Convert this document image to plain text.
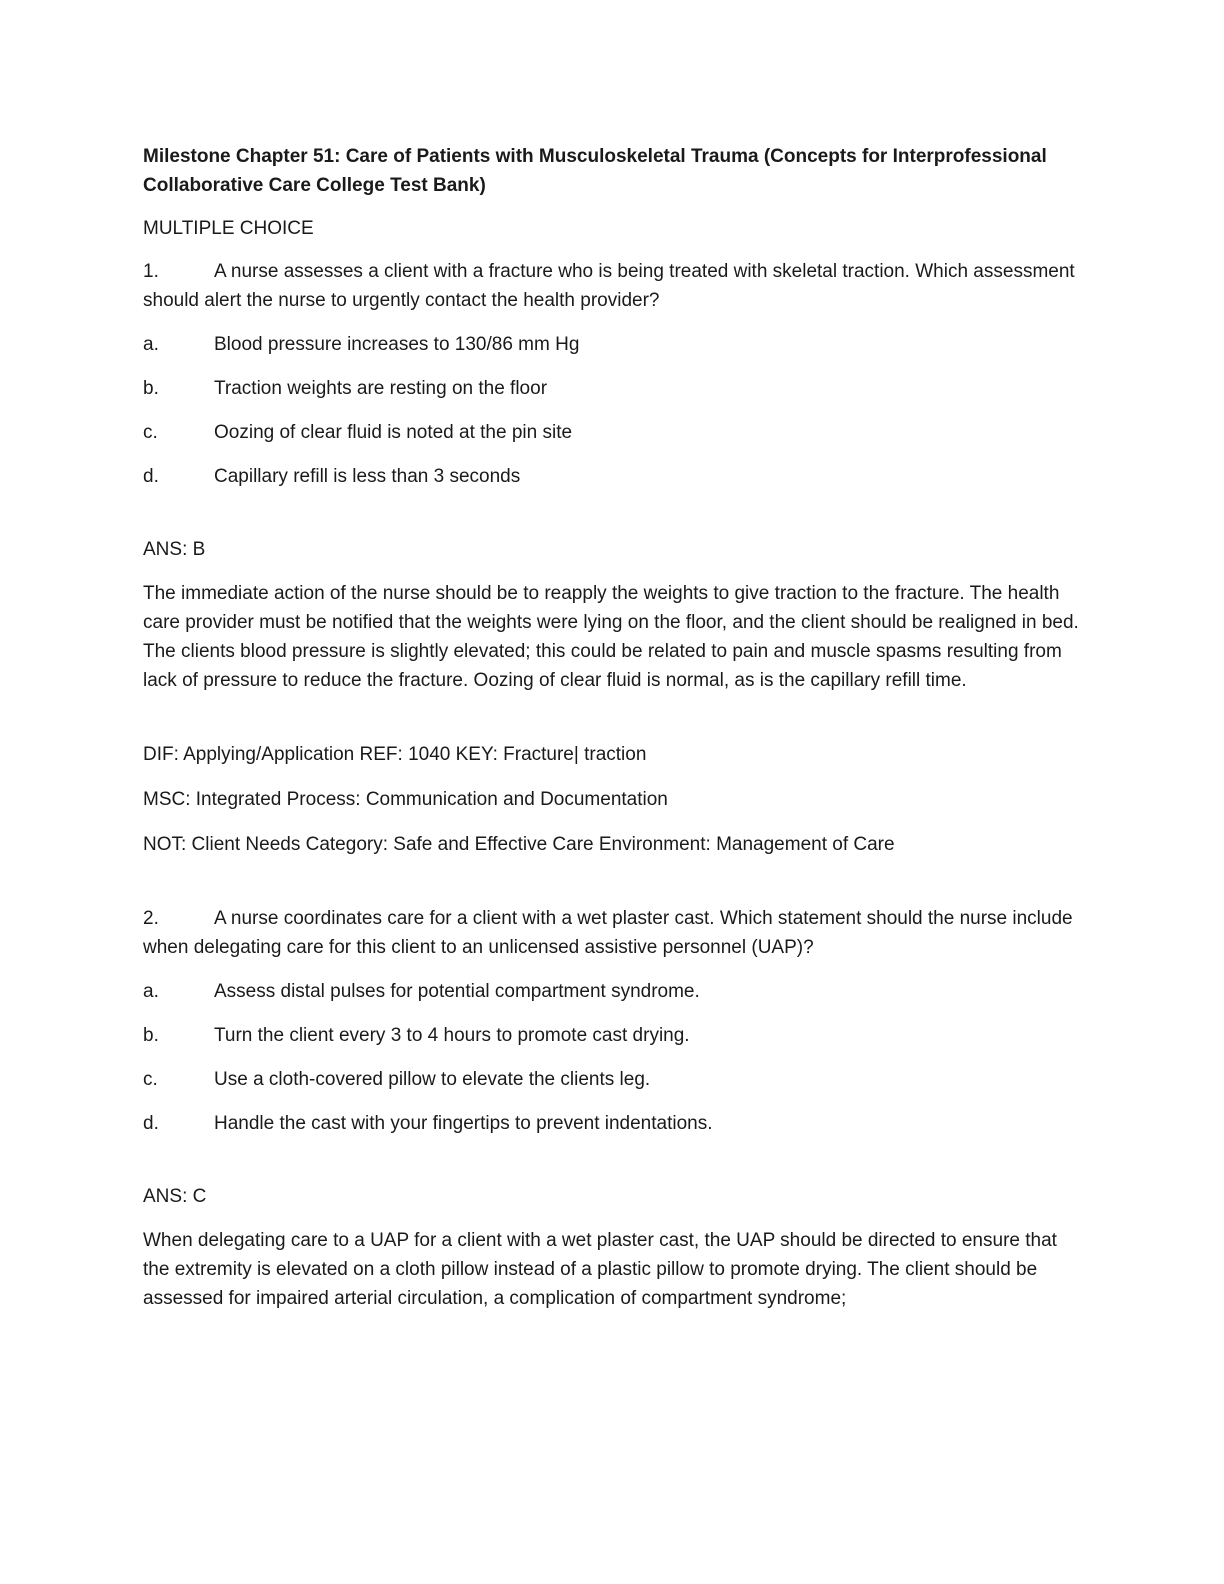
Milestone Chapter 51: Care of Patients with Musculoskeletal Trauma (Concepts for Interprofessional Collaborative Care College Test Bank)

MULTIPLE CHOICE

1.	A nurse assesses a client with a fracture who is being treated with skeletal traction. Which assessment should alert the nurse to urgently contact the health provider?

a.	Blood pressure increases to 130/86 mm Hg
b.	Traction weights are resting on the floor
c.	Oozing of clear fluid is noted at the pin site
d.	Capillary refill is less than 3 seconds

ANS: B

The immediate action of the nurse should be to reapply the weights to give traction to the fracture. The health care provider must be notified that the weights were lying on the floor, and the client should be realigned in bed. The clients blood pressure is slightly elevated; this could be related to pain and muscle spasms resulting from lack of pressure to reduce the fracture. Oozing of clear fluid is normal, as is the capillary refill time.

DIF: Applying/Application REF: 1040 KEY: Fracture| traction

MSC: Integrated Process: Communication and Documentation

NOT: Client Needs Category: Safe and Effective Care Environment: Management of Care

2.	A nurse coordinates care for a client with a wet plaster cast. Which statement should the nurse include when delegating care for this client to an unlicensed assistive personnel (UAP)?

a.	Assess distal pulses for potential compartment syndrome.
b.	Turn the client every 3 to 4 hours to promote cast drying.
c.	Use a cloth-covered pillow to elevate the clients leg.
d.	Handle the cast with your fingertips to prevent indentations.

ANS: C

When delegating care to a UAP for a client with a wet plaster cast, the UAP should be directed to ensure that the extremity is elevated on a cloth pillow instead of a plastic pillow to promote drying. The client should be assessed for impaired arterial circulation, a complication of compartment syndrome;
